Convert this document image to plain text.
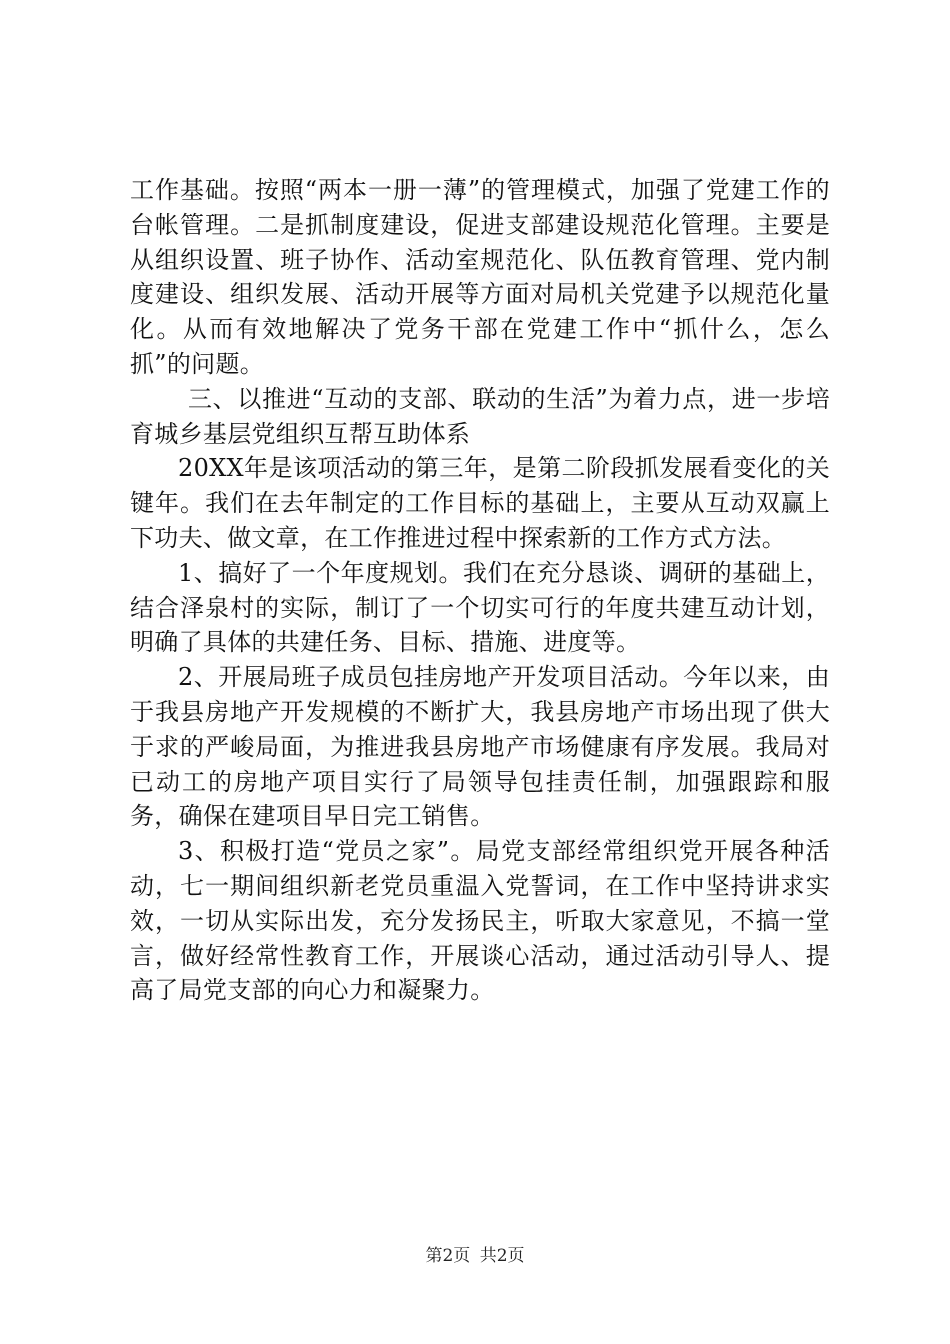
工作基础。按照“两本一册一薄”的管理模式，加强了党建工作的台帐管理。二是抓制度建设，促进支部建设规范化管理。主要是从组织设置、班子协作、活动室规范化、队伍教育管理、党内制度建设、组织发展、活动开展等方面对局机关党建予以规范化量化。从而有效地解决了党务干部在党建工作中“抓什么，怎么抓”的问题。

三、以推进“互动的支部、联动的生活”为着力点，进一步培育城乡基层党组织互帮互助体系

20XX年是该项活动的第三年，是第二阶段抓发展看变化的关键年。我们在去年制定的工作目标的基础上，主要从互动双赢上下功夫、做文章，在工作推进过程中探索新的工作方式方法。

1、搞好了一个年度规划。我们在充分恳谈、调研的基础上，结合泽泉村的实际，制订了一个切实可行的年度共建互动计划，明确了具体的共建任务、目标、措施、进度等。

2、开展局班子成员包挂房地产开发项目活动。今年以来，由于我县房地产开发规模的不断扩大，我县房地产市场出现了供大于求的严峻局面，为推进我县房地产市场健康有序发展。我局对已动工的房地产项目实行了局领导包挂责任制，加强跟踪和服务，确保在建项目早日完工销售。

3、积极打造“党员之家”。局党支部经常组织党开展各种活动，七一期间组织新老党员重温入党誓词，在工作中坚持讲求实效，一切从实际出发，充分发扬民主，听取大家意见，不搞一堂言，做好经常性教育工作，开展谈心活动，通过活动引导人、提高了局党支部的向心力和凝聚力。

第2页 共2页
